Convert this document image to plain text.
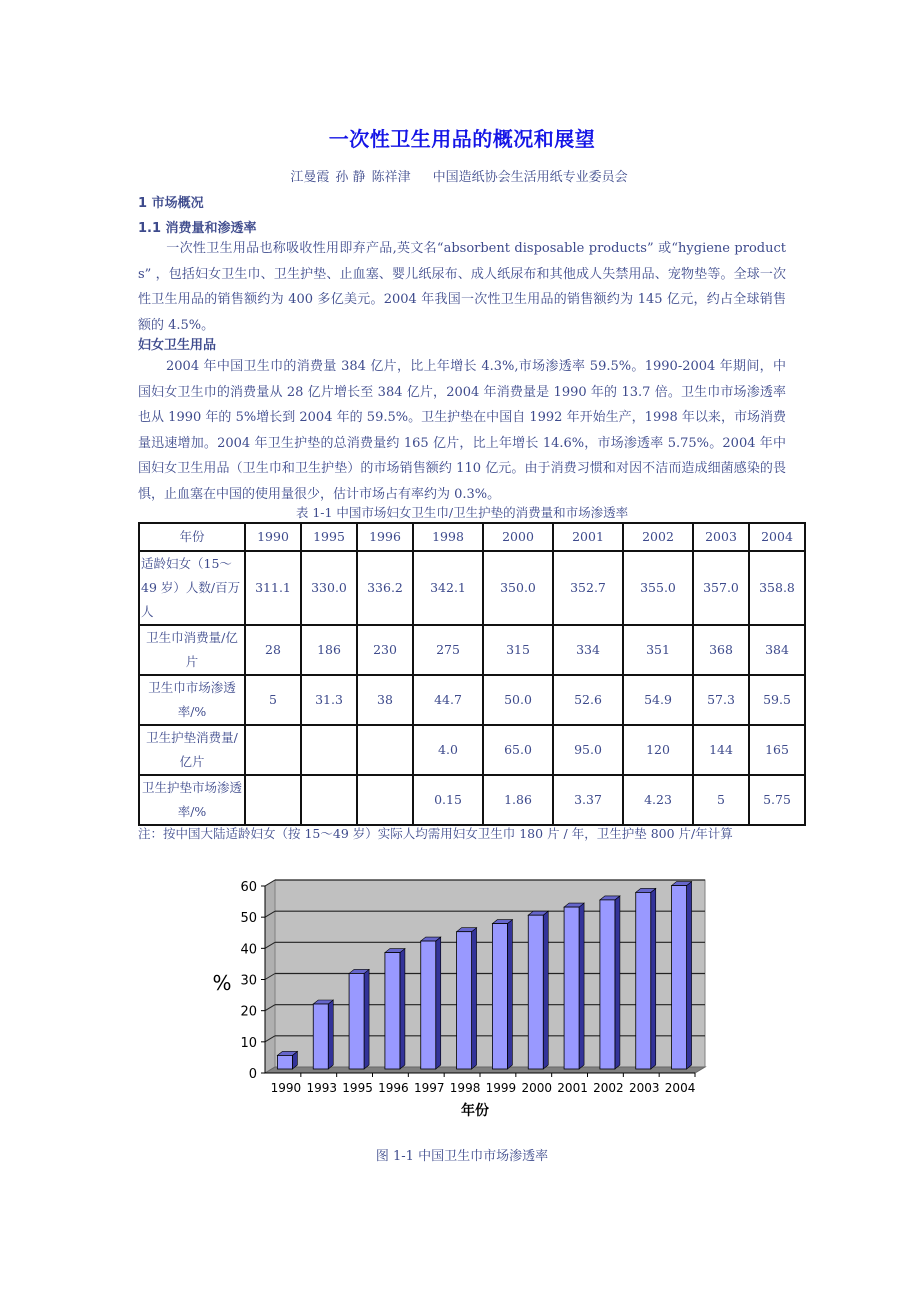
一次性卫生用品的概况和展望
江曼霞 孙 静 陈祥津 中国造纸协会生活用纸专业委员会
1 市场概况
1.1 消费量和渗透率
一次性卫生用品也称吸收性用即弃产品,英文名“absorbent disposable products” 或“hygiene products” ，包括妇女卫生巾、卫生护垫、止血塞、婴儿纸尿布、成人纸尿布和其他成人失禁用品、宠物垫等。全球一次性卫生用品的销售额约为 400 多亿美元。2004 年我国一次性卫生用品的销售额约为 145 亿元，约占全球销售额的 4.5%。
妇女卫生用品
2004 年中国卫生巾的消费量 384 亿片，比上年增长 4.3%,市场渗透率 59.5%。1990-2004 年期间，中国妇女卫生巾的消费量从 28 亿片增长至 384 亿片，2004 年消费量是 1990 年的 13.7 倍。卫生巾市场渗透率也从 1990 年的 5%增长到 2004 年的 59.5%。卫生护垫在中国自 1992 年开始生产，1998 年以来，市场消费量迅速增加。2004 年卫生护垫的总消费量约 165 亿片，比上年增长 14.6%，市场渗透率 5.75%。2004 年中国妇女卫生用品（卫生巾和卫生护垫）的市场销售额约 110 亿元。由于消费习惯和对因不洁而造成细菌感染的畏惧，止血塞在中国的使用量很少，估计市场占有率约为 0.3%。
表 1-1 中国市场妇女卫生巾/卫生护垫的消费量和市场渗透率
年份	1990	1995	1996	1998	2000	2001	2002	2003	2004
适龄妇女（15～49 岁）人数/百万人	311.1	330.0	336.2	342.1	350.0	352.7	355.0	357.0	358.8
卫生巾消费量/亿片	28	186	230	275	315	334	351	368	384
卫生巾市场渗透率/%	5	31.3	38	44.7	50.0	52.6	54.9	57.3	59.5
卫生护垫消费量/亿片				4.0	65.0	95.0	120	144	165
卫生护垫市场渗透率/%				0.15	1.86	3.37	4.23	5	5.75
注：按中国大陆适龄妇女（按 15～49 岁）实际人均需用妇女卫生巾 180 片 / 年，卫生护垫 800 片/年计算
图 1-1 中国卫生巾市场渗透率
0
10
20
30
40
50
60
1990 1993 1995 1996 1997 1998 1999 2000 2001 2002 2003 2004
%
年份
